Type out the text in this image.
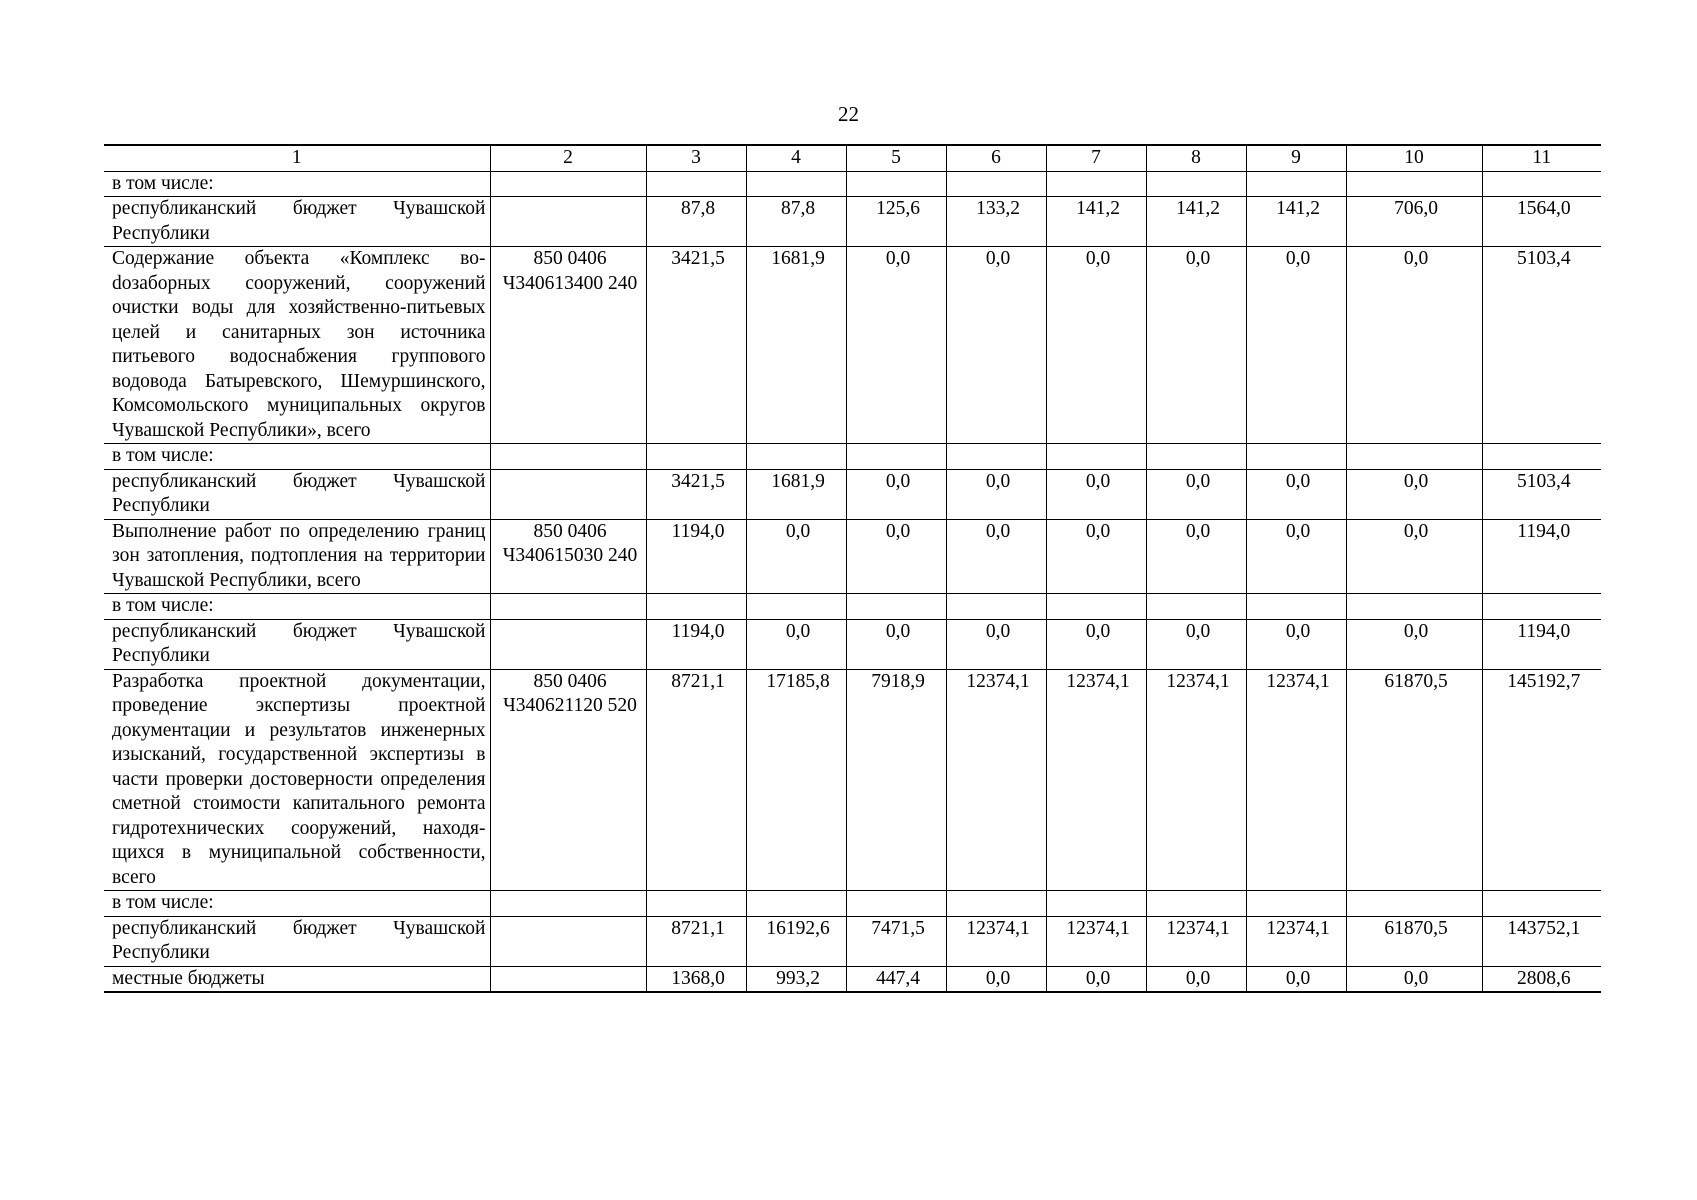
22
1	2	3	4	5	6	7	8	9	10	11
в том числе:										
республиканский бюджет Чувашской Республики		87,8	87,8	125,6	133,2	141,2	141,2	141,2	706,0	1564,0
Содержание объекта «Комплекс воdозаборных сооружений, сооружений очистки воды для хозяйственно-питьевых целей и санитарных зон источника питьевого водоснабжения группового водовода Батыревского, Шемуршинского, Комсомольского муниципальных округов Чувашской Республики», всего	850 0406 Ч340613400 240	3421,5	1681,9	0,0	0,0	0,0	0,0	0,0	0,0	5103,4
в том числе:										
республиканский бюджет Чувашской Республики		3421,5	1681,9	0,0	0,0	0,0	0,0	0,0	0,0	5103,4
Выполнение работ по определению границ зон затопления, подтопления на территории Чувашской Республики, всего	850 0406 Ч340615030 240	1194,0	0,0	0,0	0,0	0,0	0,0	0,0	0,0	1194,0
в том числе:										
республиканский бюджет Чувашской Республики		1194,0	0,0	0,0	0,0	0,0	0,0	0,0	0,0	1194,0
Разработка проектной документации, проведение экспертизы проектной документации и результатов инженерных изысканий, государственной экспертизы в части проверки достоверности определения сметной стоимости капитального ремонта гидротехнических сооружений, находящихся в муниципальной собственности, всего	850 0406 Ч340621120 520	8721,1	17185,8	7918,9	12374,1	12374,1	12374,1	12374,1	61870,5	145192,7
в том числе:										
республиканский бюджет Чувашской Республики		8721,1	16192,6	7471,5	12374,1	12374,1	12374,1	12374,1	61870,5	143752,1
местные бюджеты		1368,0	993,2	447,4	0,0	0,0	0,0	0,0	0,0	2808,6
